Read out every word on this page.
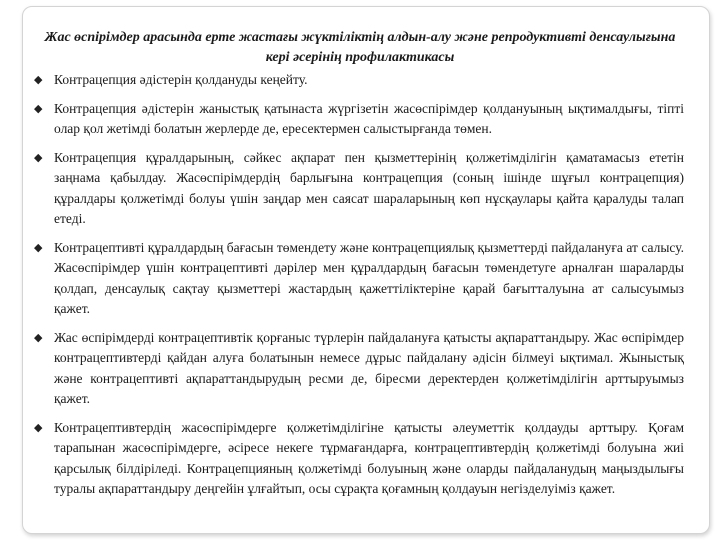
Жас өспірімдер арасында ерте жастағы жүктіліктің алдын-алу және репродуктивті денсаулығына кері әсерінің профилактикасы
◆ Контрацепция әдістерін қолдануды кеңейту.
◆ Контрацепция әдістерін жаныстық қатынаста жүргізетін жасөспірімдер қолдануының ықтималдығы, тіпті олар қол жетімді болатын жерлерде де, ересектермен салыстырғанда төмен.
◆ Контрацепция құралдарының, сәйкес ақпарат пен қызметтерінің қолжетімділігін қаматамасыз ететін заңнама қабылдау. Жасөспірімдердің барлығына контрацепция (соның ішінде шұғыл контрацепция) құралдары қолжетімді болуы үшін заңдар мен саясат шараларының көп нұсқаулары қайта қаралуды талап етеді.
◆ Контрацептивті құралдардың бағасын төмендету және контрацепциялық қызметтерді пайдалануға ат салысу. Жасөспірімдер үшін контрацептивті дәрілер мен құралдардың бағасын төмендетуге арналған шараларды қолдап, денсаулық сақтау қызметтері жастардың қажеттіліктеріне қарай бағытталуына ат салысуымыз қажет.
◆ Жас өспірімдерді контрацептивтік қорғаныс түрлерін пайдалануға қатысты ақпараттандыру. Жас өспірімдер контрацептивтерді қайдан алуға болатынын немесе дұрыс пайдалану әдісін білмеуі ықтимал. Жыныстық және контрацептивті ақпараттандырудың ресми де, біресми деректерден қолжетімділігін арттыруымыз қажет.
◆ Контрацептивтердің жасөспірімдерге қолжетімділігіне қатысты әлеуметтік қолдауды арттыру. Қоғам тарапынан жасөспірімдерге, әсіресе некеге тұрмағандарға, контрацептивтердің қолжетімді болуына жиі қарсылық білдіріледі. Контрацепцияның қолжетімді болуының және оларды пайдаланудың маңыздылығы туралы ақпараттандыру деңгейін ұлғайтып, осы сұрақта қоғамның қолдауын негізделуіміз қажет.
